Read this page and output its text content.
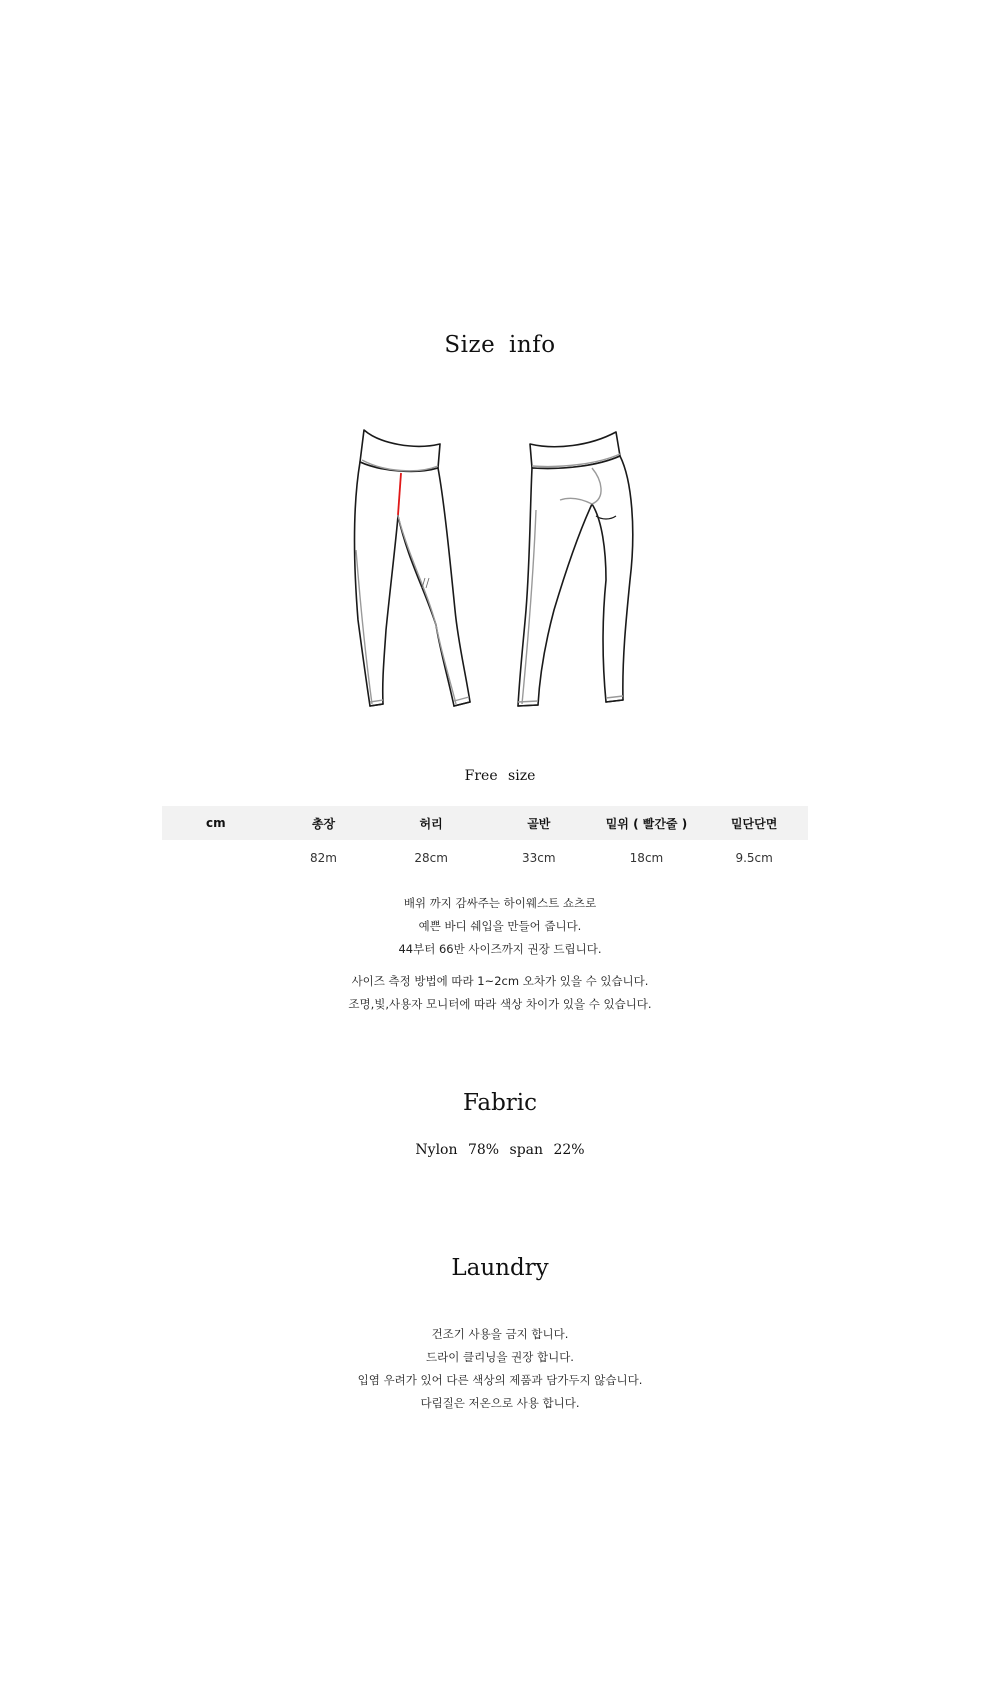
Size info
Free size
cm	총장	허리	골반	밑위 ( 빨간줄 )	밑단단면
	82m	28cm	33cm	18cm	9.5cm

배위 까지 감싸주는 하이웨스트 쇼츠로

예쁜 바디 쉐입을 만들어 줍니다.

44부터 66반 사이즈까지 권장 드립니다.

사이즈 측정 방법에 따라 1~2cm 오차가 있을 수 있습니다.

조명,빛,사용자 모니터에 따라 색상 차이가 있을 수 있습니다.

Fabric
Nylon 78% span 22%
Laundry

건조기 사용을 금지 합니다.

드라이 클리닝을 권장 합니다.

입염 우려가 있어 다른 색상의 제품과 담가두지 않습니다.

다림질은 저온으로 사용 합니다.
